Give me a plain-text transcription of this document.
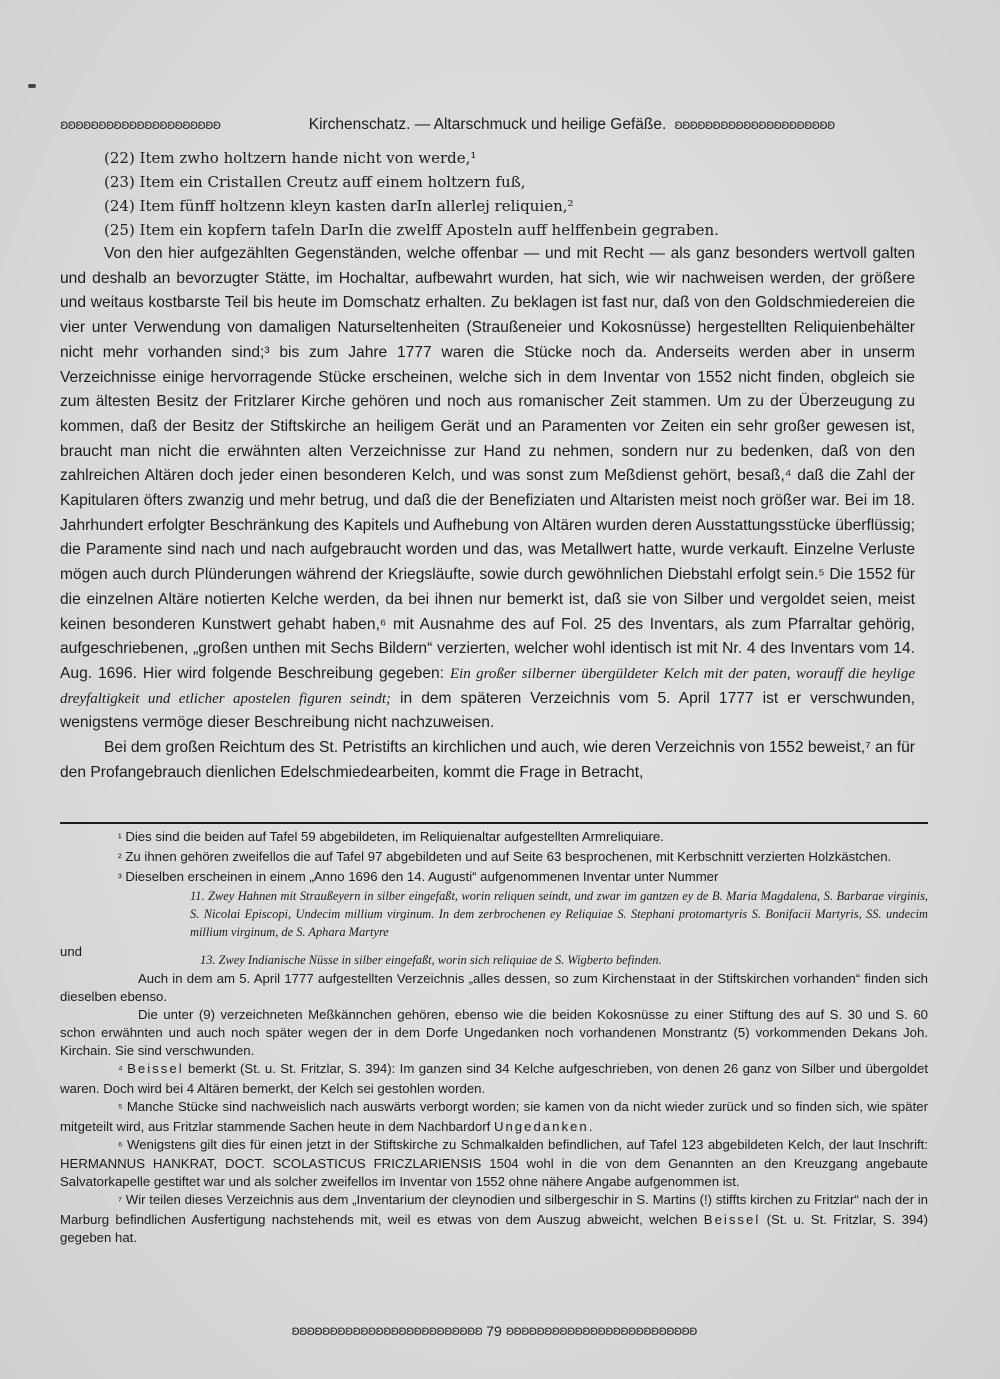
ʚʚʚʚʚʚʚʚʚʚʚʚʚʚʚʚʚʚʚʚʚ	Kirchenschatz. — Altarschmuck und heilige Gefäße. ʚʚʚʚʚʚʚʚʚʚʚʚʚʚʚʚʚʚʚʚʚ

(22) Item zwho holtzern hande nicht von werde,¹

(23) Item ein Cristallen Creutz auff einem holtzern fuß,

(24) Item fünff holtzenn kleyn kasten darIn allerlej reliquien,²

(25) Item ein kopfern tafeln DarIn die zwelff Aposteln auff helffenbein gegraben.

Von den hier aufgezählten Gegenständen, welche offenbar — und mit Recht — als ganz besonders wertvoll galten und deshalb an bevorzugter Stätte, im Hochaltar, aufbewahrt wurden, hat sich, wie wir nachweisen werden, der größere und weitaus kostbarste Teil bis heute im Domschatz erhalten. Zu beklagen ist fast nur, daß von den Goldschmiedereien die vier unter Verwendung von damaligen Naturseltenheiten (Straußeneier und Kokosnüsse) hergestellten Reliquienbehälter nicht mehr vorhanden sind;³ bis zum Jahre 1777 waren die Stücke noch da. Anderseits werden aber in unserm Verzeichnisse einige hervorragende Stücke erscheinen, welche sich in dem Inventar von 1552 nicht finden, obgleich sie zum ältesten Besitz der Fritzlarer Kirche gehören und noch aus romanischer Zeit stammen. Um zu der Überzeugung zu kommen, daß der Besitz der Stiftskirche an heiligem Gerät und an Paramenten vor Zeiten ein sehr großer gewesen ist, braucht man nicht die erwähnten alten Verzeichnisse zur Hand zu nehmen, sondern nur zu bedenken, daß von den zahlreichen Altären doch jeder einen besonderen Kelch, und was sonst zum Meßdienst gehört, besaß,⁴ daß die Zahl der Kapitularen öfters zwanzig und mehr betrug, und daß die der Benefiziaten und Altaristen meist noch größer war. Bei im 18. Jahrhundert erfolgter Beschränkung des Kapitels und Aufhebung von Altären wurden deren Ausstattungsstücke überflüssig; die Paramente sind nach und nach aufgebraucht worden und das, was Metallwert hatte, wurde verkauft. Einzelne Verluste mögen auch durch Plünderungen während der Kriegsläufte, sowie durch gewöhnlichen Diebstahl erfolgt sein.⁵ Die 1552 für die einzelnen Altäre notierten Kelche werden, da bei ihnen nur bemerkt ist, daß sie von Silber und vergoldet seien, meist keinen besonderen Kunstwert gehabt haben,⁶ mit Ausnahme des auf Fol. 25 des Inventars, als zum Pfarraltar gehörig, aufgeschriebenen, „großen unthen mit Sechs Bildern“ verzierten, welcher wohl identisch ist mit Nr. 4 des Inventars vom 14. Aug. 1696. Hier wird folgende Beschreibung gegeben: Ein großer silberner übergüldeter Kelch mit der paten, worauff die heylige dreyfaltigkeit und etlicher apostelen figuren seindt; in dem späteren Verzeichnis vom 5. April 1777 ist er verschwunden, wenigstens vermöge dieser Beschreibung nicht nachzuweisen.

Bei dem großen Reichtum des St. Petristifts an kirchlichen und auch, wie deren Verzeichnis von 1552 beweist,⁷ an für den Profangebrauch dienlichen Edelschmiedearbeiten, kommt die Frage in Betracht,

¹ Dies sind die beiden auf Tafel 59 abgebildeten, im Reliquienaltar aufgestellten Armreliquiare.

² Zu ihnen gehören zweifellos die auf Tafel 97 abgebildeten und auf Seite 63 besprochenen, mit Kerbschnitt verzierten Holzkästchen.

³ Dieselben erscheinen in einem „Anno 1696 den 14. Augusti“ aufgenommenen Inventar unter Nummer

11. Zwey Hahnen mit Straußeyern in silber eingefaßt, worin reliquen seindt, und zwar im gantzen ey de B. Maria Magdalena, S. Barbarae virginis, S. Nicolai Episcopi, Undecim millium virginum. In dem zerbrochenen ey Reliquiae S. Stephani protomartyris S. Bonifacii Martyris, SS. undecim millium virginum, de S. Aphara Martyre

und
13. Zwey Indianische Nüsse in silber eingefaßt, worin sich reliquiae de S. Wigberto befinden.

Auch in dem am 5. April 1777 aufgestellten Verzeichnis „alles dessen, so zum Kirchenstaat in der Stiftskirchen vorhanden“ finden sich dieselben ebenso.

Die unter (9) verzeichneten Meßkännchen gehören, ebenso wie die beiden Kokosnüsse zu einer Stiftung des auf S. 30 und S. 60 schon erwähnten und auch noch später wegen der in dem Dorfe Ungedanken noch vorhandenen Monstrantz (5) vorkommenden Dekans Joh. Kirchain. Sie sind verschwunden.

⁴ Beissel bemerkt (St. u. St. Fritzlar, S. 394): Im ganzen sind 34 Kelche aufgeschrieben, von denen 26 ganz von Silber und übergoldet waren. Doch wird bei 4 Altären bemerkt, der Kelch sei gestohlen worden.

⁵ Manche Stücke sind nachweislich nach auswärts verborgt worden; sie kamen von da nicht wieder zurück und so finden sich, wie später mitgeteilt wird, aus Fritzlar stammende Sachen heute in dem Nachbardorf Ungedanken.

⁶ Wenigstens gilt dies für einen jetzt in der Stiftskirche zu Schmalkalden befindlichen, auf Tafel 123 abgebildeten Kelch, der laut Inschrift: HERMANNUS HANKRAT, DOCT. SCOLASTICUS FRICZLARIENSIS 1504 wohl in die von dem Genannten an den Kreuzgang angebaute Salvatorkapelle gestiftet war und als solcher zweifellos im Inventar von 1552 ohne nähere Angabe aufgenommen ist.

⁷ Wir teilen dieses Verzeichnis aus dem „Inventarium der cleynodien und silbergeschir in S. Martins (!) stiffts kirchen zu Fritzlar“ nach der in Marburg befindlichen Ausfertigung nachstehends mit, weil es etwas von dem Auszug abweicht, welchen Beissel (St. u. St. Fritzlar, S. 394) gegeben hat.

ʚʚʚʚʚʚʚʚʚʚʚʚʚʚʚʚʚʚʚʚʚʚʚʚʚ 79 ʚʚʚʚʚʚʚʚʚʚʚʚʚʚʚʚʚʚʚʚʚʚʚʚʚ
